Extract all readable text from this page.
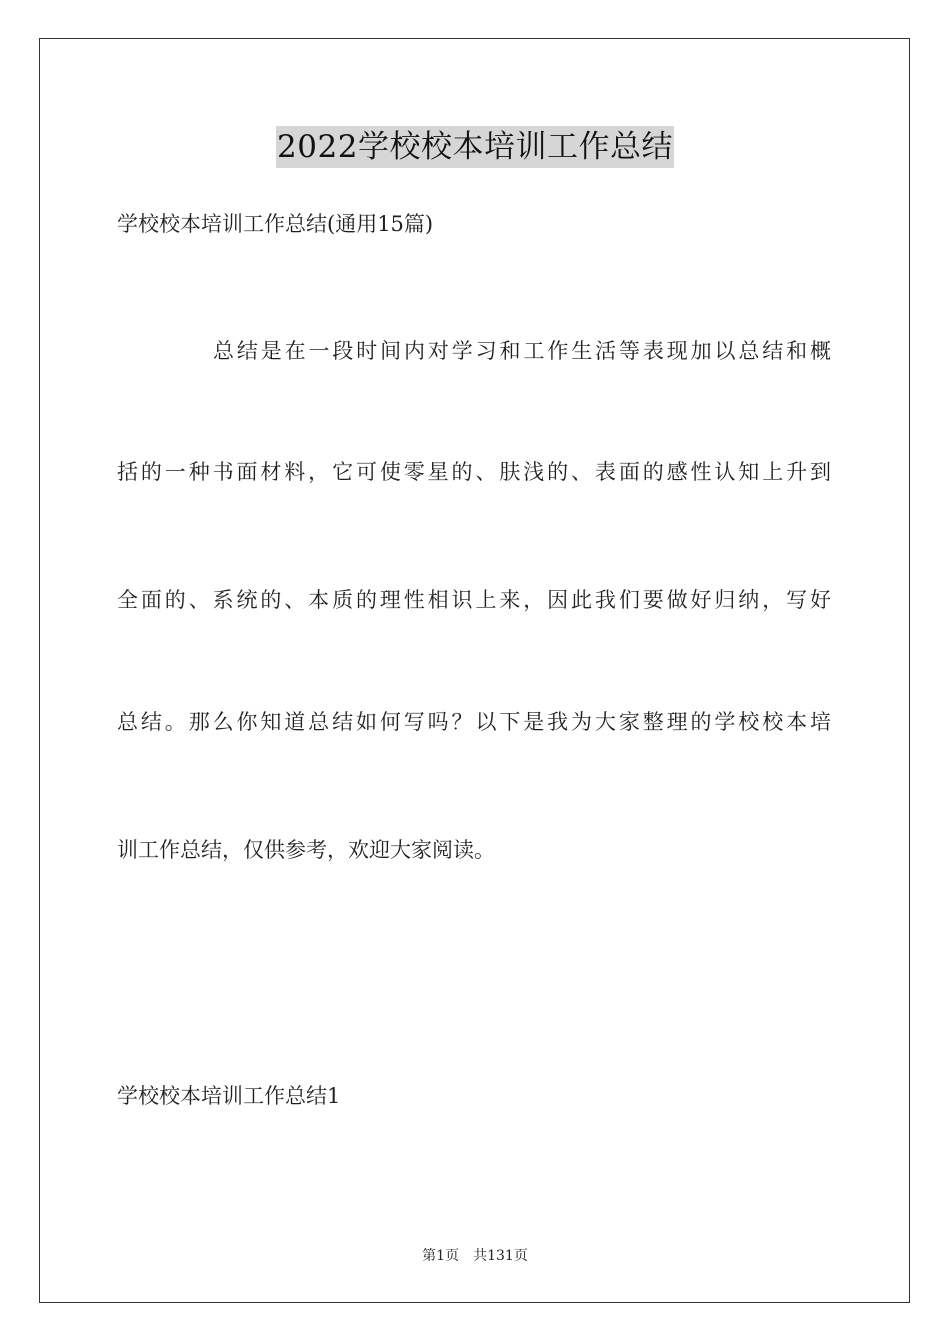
2022学校校本培训工作总结
学校校本培训工作总结(通用15篇)
总结是在一段时间内对学习和工作生活等表现加以总结和概
括的一种书面材料，它可使零星的、肤浅的、表面的感性认知上升到
全面的、系统的、本质的理性相识上来，因此我们要做好归纳，写好
总结。那么你知道总结如何写吗？以下是我为大家整理的学校校本培
训工作总结，仅供参考，欢迎大家阅读。
学校校本培训工作总结1
第1页 共131页
